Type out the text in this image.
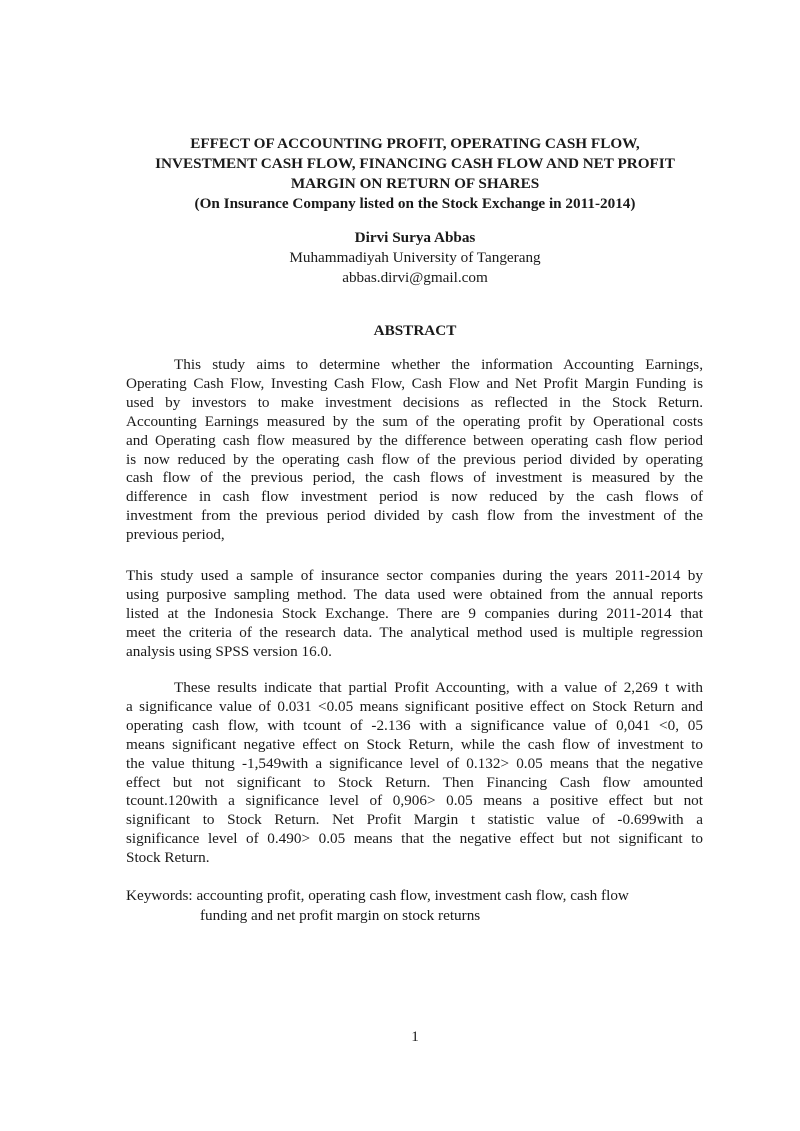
EFFECT OF ACCOUNTING PROFIT, OPERATING CASH FLOW,
INVESTMENT CASH FLOW, FINANCING CASH FLOW AND NET PROFIT
MARGIN ON RETURN OF SHARES
(On Insurance Company listed on the Stock Exchange in 2011-2014)
Dirvi Surya Abbas
Muhammadiyah University of Tangerang
abbas.dirvi@gmail.com
ABSTRACT
This study aims to determine whether the information Accounting Earnings,
Operating Cash Flow, Investing Cash Flow, Cash Flow and Net Profit Margin Funding is
used by investors to make investment decisions as reflected in the Stock Return.
Accounting Earnings measured by the sum of the operating profit by Operational costs
and Operating cash flow measured by the difference between operating cash flow period
is now reduced by the operating cash flow of the previous period divided by operating
cash flow of the previous period, the cash flows of investment is measured by the
difference in cash flow investment period is now reduced by the cash flows of
investment from the previous period divided by cash flow from the investment of the
previous period,
This study used a sample of insurance sector companies during the years 2011-2014 by
using purposive sampling method. The data used were obtained from the annual reports
listed at the Indonesia Stock Exchange. There are 9 companies during 2011-2014 that
meet the criteria of the research data. The analytical method used is multiple regression
analysis using SPSS version 16.0.
These results indicate that partial Profit Accounting, with a value of 2,269 t with
a significance value of 0.031 <0.05 means significant positive effect on Stock Return and
operating cash flow, with tcount of -2.136 with a significance value of 0,041 <0, 05
means significant negative effect on Stock Return, while the cash flow of investment to
the value thitung -1,549with a significance level of 0.132> 0.05 means that the negative
effect but not significant to Stock Return. Then Financing Cash flow amounted
tcount.120with a significance level of 0,906> 0.05 means a positive effect but not
significant to Stock Return. Net Profit Margin t statistic value of -0.699with a
significance level of 0.490> 0.05 means that the negative effect but not significant to
Stock Return.
Keywords: accounting profit, operating cash flow, investment cash flow, cash flow
funding and net profit margin on stock returns
1
